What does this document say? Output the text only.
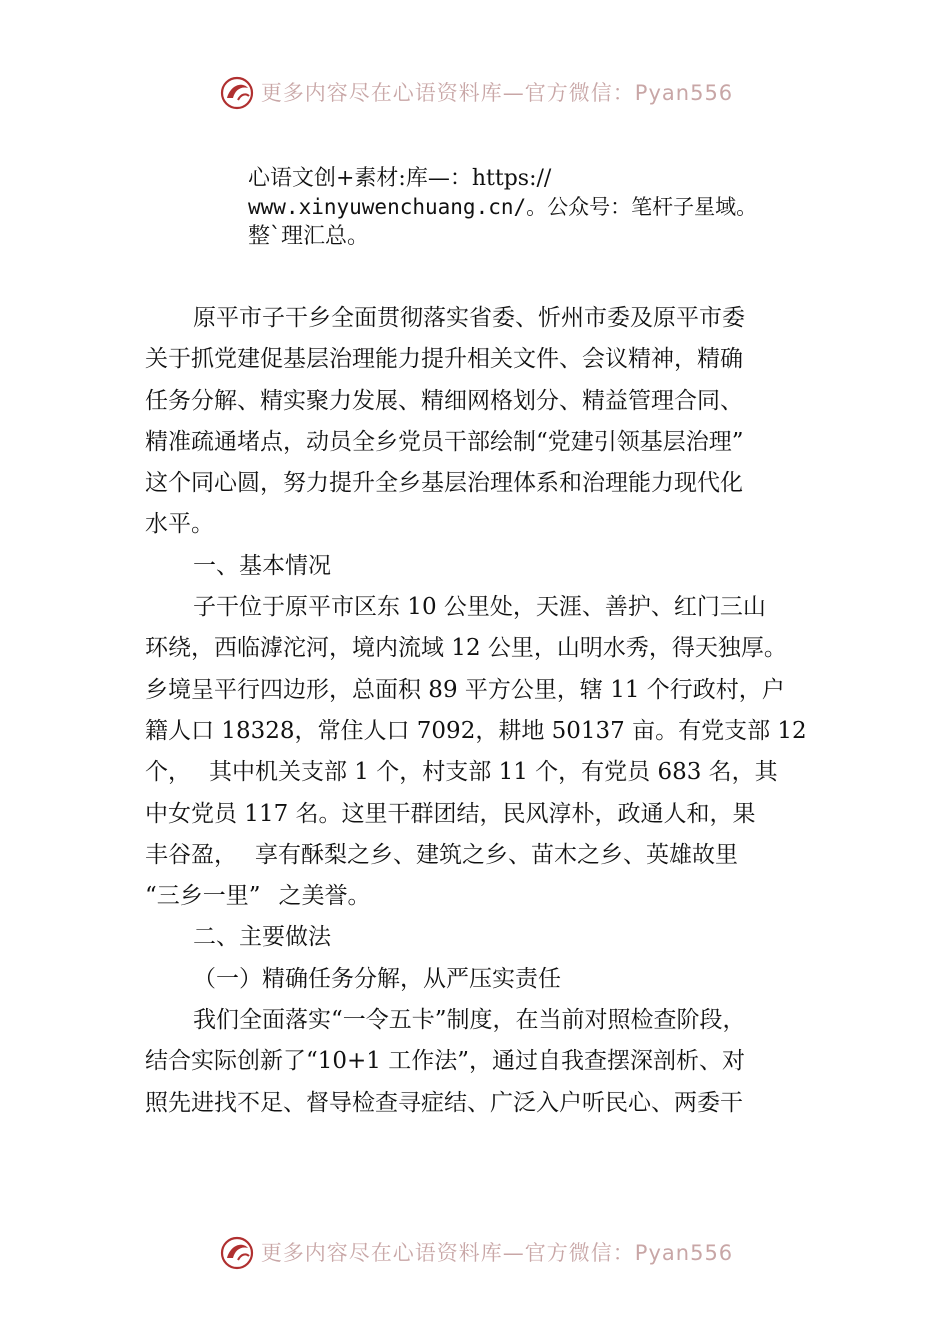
更多内容尽在心语资料库—官方微信：Pyan556
心语文创+素材:库—：https://
www.xinyuwenchuang.cn/。公众号：笔杆子星域。
整`理汇总。
原平市子干乡全面贯彻落实省委、忻州市委及原平市委
关于抓党建促基层治理能力提升相关文件、会议精神，精确
任务分解、精实聚力发展、精细网格划分、精益管理合同、
精准疏通堵点，动员全乡党员干部绘制“党建引领基层治理”
这个同心圆，努力提升全乡基层治理体系和治理能力现代化
水平。
一、基本情况
子干位于原平市区东 10 公里处，天涯、善护、红门三山
环绕，西临滹沱河，境内流域 12 公里，山明水秀，得天独厚。
乡境呈平行四边形，总面积 89 平方公里，辖 11 个行政村，户
籍人口 18328，常住人口 7092，耕地 50137 亩。有党支部 12
个， 其中机关支部 1 个，村支部 11 个，有党员 683 名，其
中女党员 117 名。这里干群团结，民风淳朴，政通人和，果
丰谷盈， 享有酥梨之乡、建筑之乡、苗木之乡、英雄故里
“三乡一里” 之美誉。
二、主要做法
（一）精确任务分解，从严压实责任
我们全面落实“一令五卡”制度，在当前对照检查阶段，
结合实际创新了“10+1 工作法”，通过自我查摆深剖析、对
照先进找不足、督导检查寻症结、广泛入户听民心、两委干
更多内容尽在心语资料库—官方微信：Pyan556
